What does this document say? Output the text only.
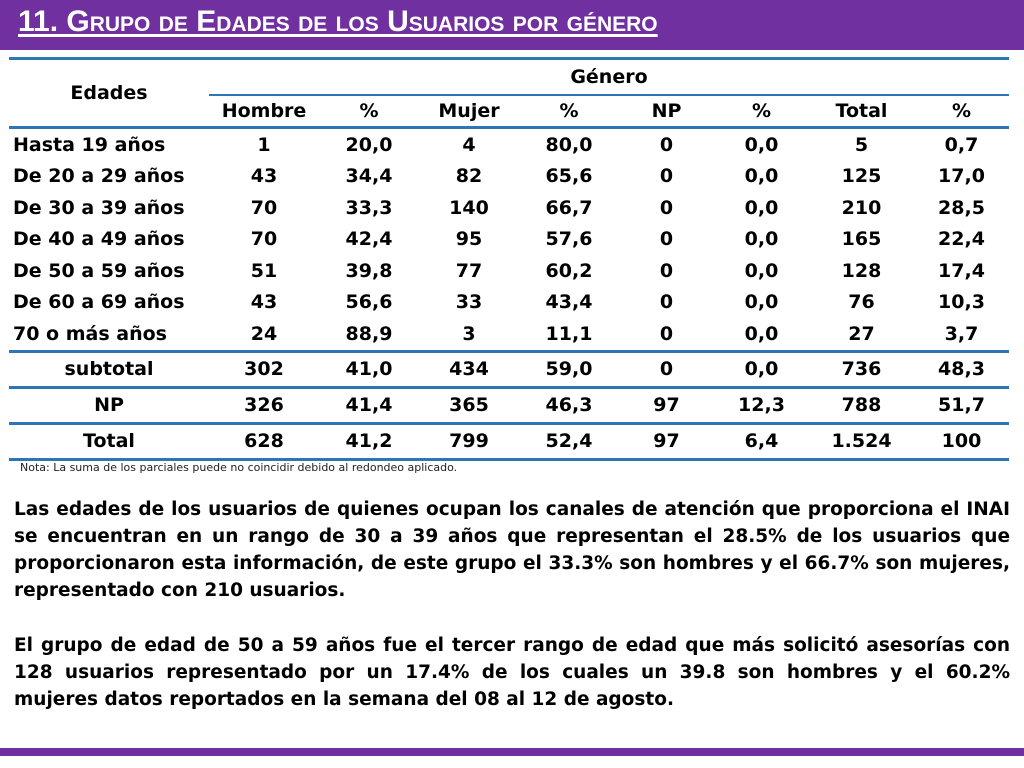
11. Grupo de Edades de los Usuarios por género
Edades	Género							
	Hombre	%	Mujer	%	NP	%	Total	%
Hasta 19 años	1	20,0	4	80,0	0	0,0	5	0,7
De 20 a 29 años	43	34,4	82	65,6	0	0,0	125	17,0
De 30 a 39 años	70	33,3	140	66,7	0	0,0	210	28,5
De 40 a 49 años	70	42,4	95	57,6	0	0,0	165	22,4
De 50 a 59 años	51	39,8	77	60,2	0	0,0	128	17,4
De 60 a 69 años	43	56,6	33	43,4	0	0,0	76	10,3
70 o más años	24	88,9	3	11,1	0	0,0	27	3,7
subtotal	302	41,0	434	59,0	0	0,0	736	48,3
NP	326	41,4	365	46,3	97	12,3	788	51,7
Total	628	41,2	799	52,4	97	6,4	1.524	100
Nota: La suma de los parciales puede no coincidir debido al redondeo aplicado.
Las edades de los usuarios de quienes ocupan los canales de atención que proporciona el INAI se encuentran en un rango de 30 a 39 años que representan el 28.5% de los usuarios que proporcionaron esta información, de este grupo el 33.3% son hombres y el 66.7% son mujeres, representado con 210 usuarios.
El grupo de edad de 50 a 59 años fue el tercer rango de edad que más solicitó asesorías con 128 usuarios representado por un 17.4% de los cuales un 39.8 son hombres y el 60.2% mujeres datos reportados en la semana del 08 al 12 de agosto.
